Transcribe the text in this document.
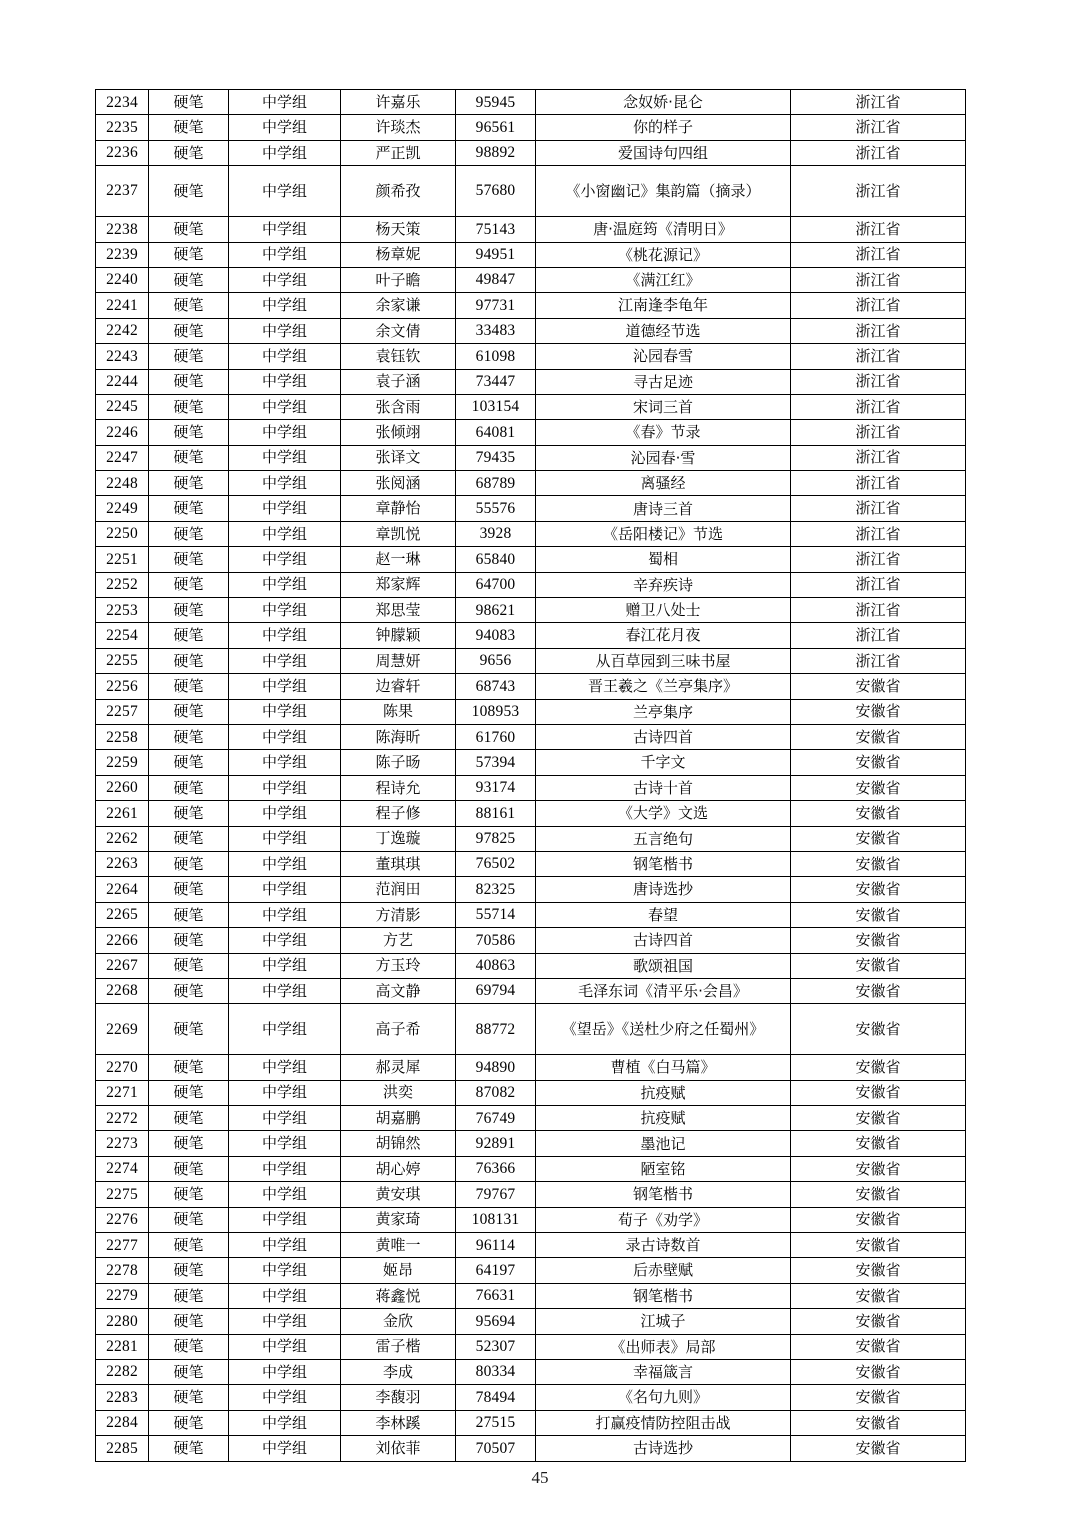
2234	硬笔	中学组	许嘉乐	95945	念奴娇·昆仑	浙江省
2235	硬笔	中学组	许琰杰	96561	你的样子	浙江省
2236	硬笔	中学组	严正凯	98892	爱国诗句四组	浙江省
2237	硬笔	中学组	颜希孜	57680	《小窗幽记》集韵篇（摘录）	浙江省
2238	硬笔	中学组	杨天策	75143	唐·温庭筠《清明日》	浙江省
2239	硬笔	中学组	杨章妮	94951	《桃花源记》	浙江省
2240	硬笔	中学组	叶子瞻	49847	《满江红》	浙江省
2241	硬笔	中学组	余家谦	97731	江南逢李龟年	浙江省
2242	硬笔	中学组	余文倩	33483	道德经节选	浙江省
2243	硬笔	中学组	袁钰钦	61098	沁园春雪	浙江省
2244	硬笔	中学组	袁子涵	73447	寻古足迹	浙江省
2245	硬笔	中学组	张含雨	103154	宋词三首	浙江省
2246	硬笔	中学组	张倾翊	64081	《春》节录	浙江省
2247	硬笔	中学组	张译文	79435	沁园春·雪	浙江省
2248	硬笔	中学组	张阅涵	68789	离骚经	浙江省
2249	硬笔	中学组	章静怡	55576	唐诗三首	浙江省
2250	硬笔	中学组	章凯悦	3928	《岳阳楼记》节选	浙江省
2251	硬笔	中学组	赵一琳	65840	蜀相	浙江省
2252	硬笔	中学组	郑家辉	64700	辛弃疾诗	浙江省
2253	硬笔	中学组	郑思莹	98621	赠卫八处士	浙江省
2254	硬笔	中学组	钟朦颖	94083	春江花月夜	浙江省
2255	硬笔	中学组	周慧妍	9656	从百草园到三味书屋	浙江省
2256	硬笔	中学组	边睿轩	68743	晋王羲之《兰亭集序》	安徽省
2257	硬笔	中学组	陈果	108953	兰亭集序	安徽省
2258	硬笔	中学组	陈海昕	61760	古诗四首	安徽省
2259	硬笔	中学组	陈子旸	57394	千字文	安徽省
2260	硬笔	中学组	程诗允	93174	古诗十首	安徽省
2261	硬笔	中学组	程子修	88161	《大学》文选	安徽省
2262	硬笔	中学组	丁逸璇	97825	五言绝句	安徽省
2263	硬笔	中学组	董琪琪	76502	钢笔楷书	安徽省
2264	硬笔	中学组	范润田	82325	唐诗选抄	安徽省
2265	硬笔	中学组	方清影	55714	春望	安徽省
2266	硬笔	中学组	方艺	70586	古诗四首	安徽省
2267	硬笔	中学组	方玉玲	40863	歌颂祖国	安徽省
2268	硬笔	中学组	高文静	69794	毛泽东词《清平乐·会昌》	安徽省
2269	硬笔	中学组	高子希	88772	《望岳》《送杜少府之任蜀州》	安徽省
2270	硬笔	中学组	郝灵犀	94890	曹植《白马篇》	安徽省
2271	硬笔	中学组	洪奕	87082	抗疫赋	安徽省
2272	硬笔	中学组	胡嘉鹏	76749	抗疫赋	安徽省
2273	硬笔	中学组	胡锦然	92891	墨池记	安徽省
2274	硬笔	中学组	胡心婷	76366	陋室铭	安徽省
2275	硬笔	中学组	黄安琪	79767	钢笔楷书	安徽省
2276	硬笔	中学组	黄家琦	108131	荀子《劝学》	安徽省
2277	硬笔	中学组	黄唯一	96114	录古诗数首	安徽省
2278	硬笔	中学组	姬昂	64197	后赤壁赋	安徽省
2279	硬笔	中学组	蒋鑫悦	76631	钢笔楷书	安徽省
2280	硬笔	中学组	金欣	95694	江城子	安徽省
2281	硬笔	中学组	雷子楷	52307	《出师表》局部	安徽省
2282	硬笔	中学组	李成	80334	幸福箴言	安徽省
2283	硬笔	中学组	李馥羽	78494	《名句九则》	安徽省
2284	硬笔	中学组	李林蹊	27515	打赢疫情防控阻击战	安徽省
2285	硬笔	中学组	刘依菲	70507	古诗选抄	安徽省
45
